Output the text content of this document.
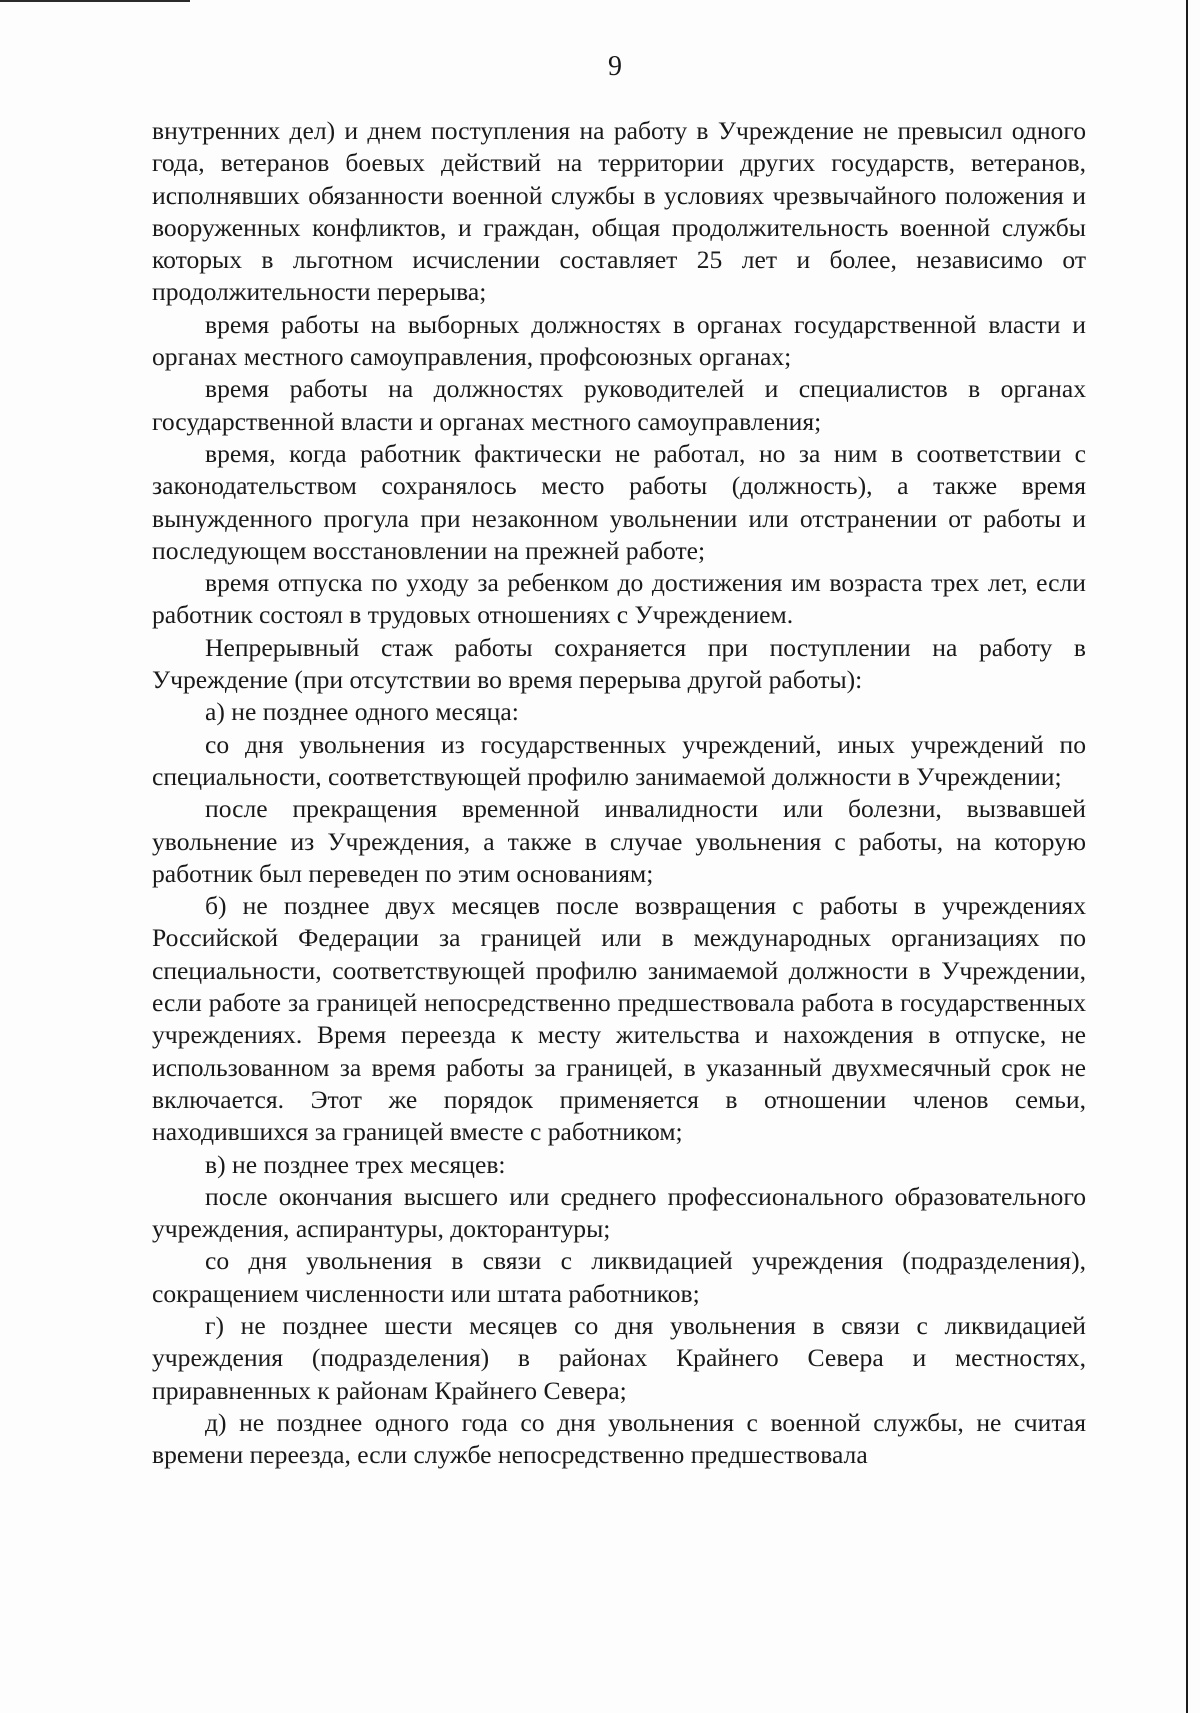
9

внутренних дел) и днем поступления на работу в Учреждение не превысил одного года, ветеранов боевых действий на территории других государств, ветеранов, исполнявших обязанности военной службы в условиях чрезвычайного положения и вооруженных конфликтов, и граждан, общая продолжительность военной службы которых в льготном исчислении составляет 25 лет и более, независимо от продолжительности перерыва;

время работы на выборных должностях в органах государственной власти и органах местного самоуправления, профсоюзных органах;

время работы на должностях руководителей и специалистов в органах государственной власти и органах местного самоуправления;

время, когда работник фактически не работал, но за ним в соответствии с законодательством сохранялось место работы (должность), а также время вынужденного прогула при незаконном увольнении или отстранении от работы и последующем восстановлении на прежней работе;

время отпуска по уходу за ребенком до достижения им возраста трех лет, если работник состоял в трудовых отношениях с Учреждением.

Непрерывный стаж работы сохраняется при поступлении на работу в Учреждение (при отсутствии во время перерыва другой работы):

а) не позднее одного месяца:

со дня увольнения из государственных учреждений, иных учреждений по специальности, соответствующей профилю занимаемой должности в Учреждении;

после прекращения временной инвалидности или болезни, вызвавшей увольнение из Учреждения, а также в случае увольнения с работы, на которую работник был переведен по этим основаниям;

б) не позднее двух месяцев после возвращения с работы в учреждениях Российской Федерации за границей или в международных организациях по специальности, соответствующей профилю занимаемой должности в Учреждении, если работе за границей непосредственно предшествовала работа в государственных учреждениях. Время переезда к месту жительства и нахождения в отпуске, не использованном за время работы за границей, в указанный двухмесячный срок не включается. Этот же порядок применяется в отношении членов семьи, находившихся за границей вместе с работником;

в) не позднее трех месяцев:

после окончания высшего или среднего профессионального образовательного учреждения, аспирантуры, докторантуры;

со дня увольнения в связи с ликвидацией учреждения (подразделения), сокращением численности или штата работников;

г) не позднее шести месяцев со дня увольнения в связи с ликвидацией учреждения (подразделения) в районах Крайнего Севера и местностях, приравненных к районам Крайнего Севера;

д) не позднее одного года со дня увольнения с военной службы, не считая времени переезда, если службе непосредственно предшествовала
